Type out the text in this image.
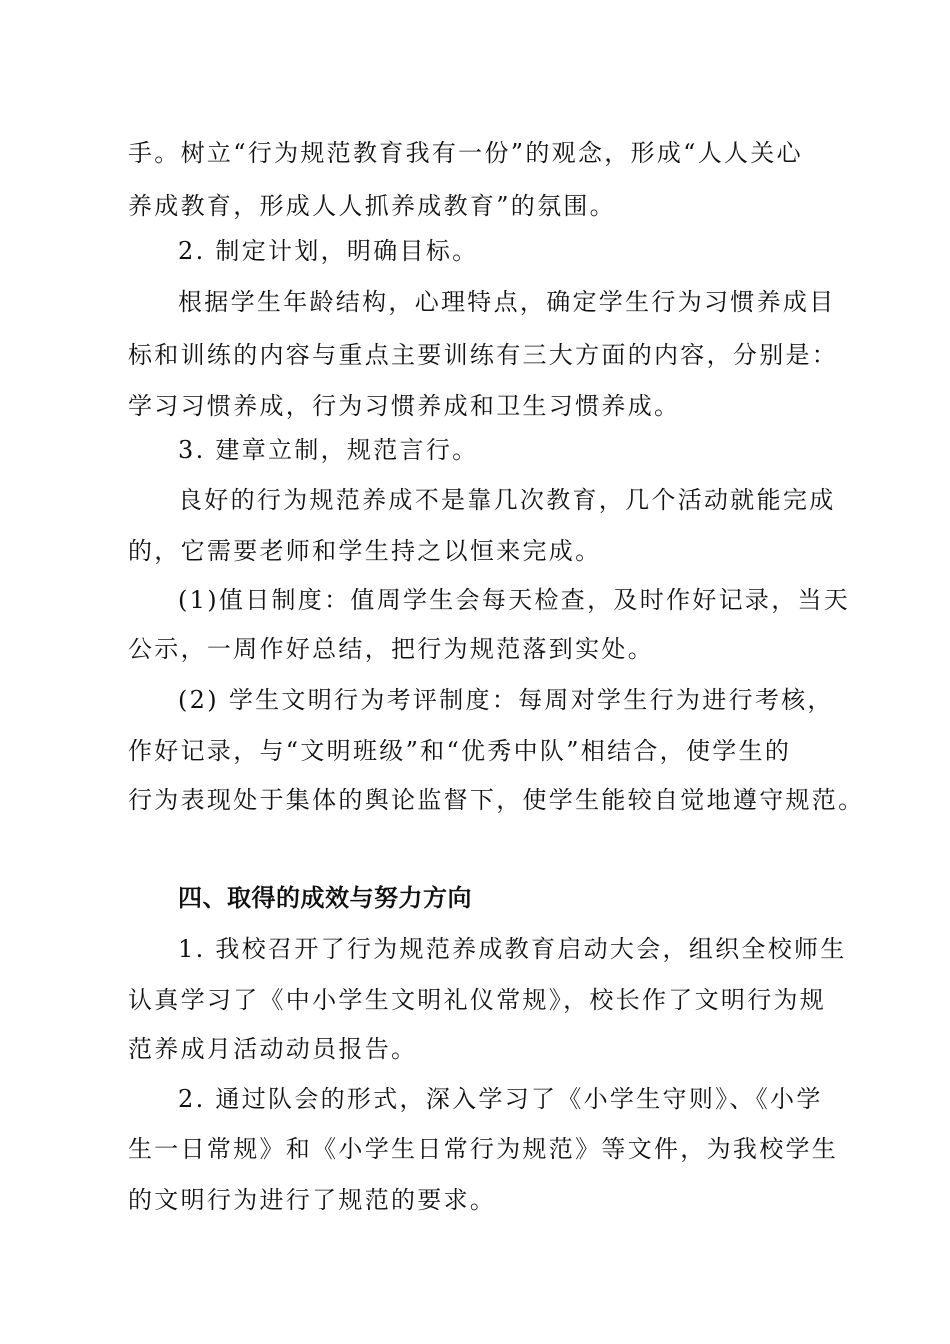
手。树立“行为规范教育我有一份”的观念，形成“人人关心
养成教育，形成人人抓养成教育”的氛围。
2. 制定计划，明确目标。
根据学生年龄结构，心理特点，确定学生行为习惯养成目
标和训练的内容与重点主要训练有三大方面的内容，分别是：
学习习惯养成，行为习惯养成和卫生习惯养成。
3. 建章立制，规范言行。
良好的行为规范养成不是靠几次教育，几个活动就能完成
的，它需要老师和学生持之以恒来完成。
(1)值日制度：值周学生会每天检查，及时作好记录，当天
公示，一周作好总结，把行为规范落到实处。
(2) 学生文明行为考评制度：每周对学生行为进行考核，
作好记录，与“文明班级”和“优秀中队”相结合，使学生的
行为表现处于集体的舆论监督下，使学生能较自觉地遵守规范。
四、取得的成效与努力方向
1. 我校召开了行为规范养成教育启动大会，组织全校师生
认真学习了《中小学生文明礼仪常规》，校长作了文明行为规
范养成月活动动员报告。
2. 通过队会的形式，深入学习了《小学生守则》、《小学
生一日常规》和《小学生日常行为规范》等文件，为我校学生
的文明行为进行了规范的要求。
